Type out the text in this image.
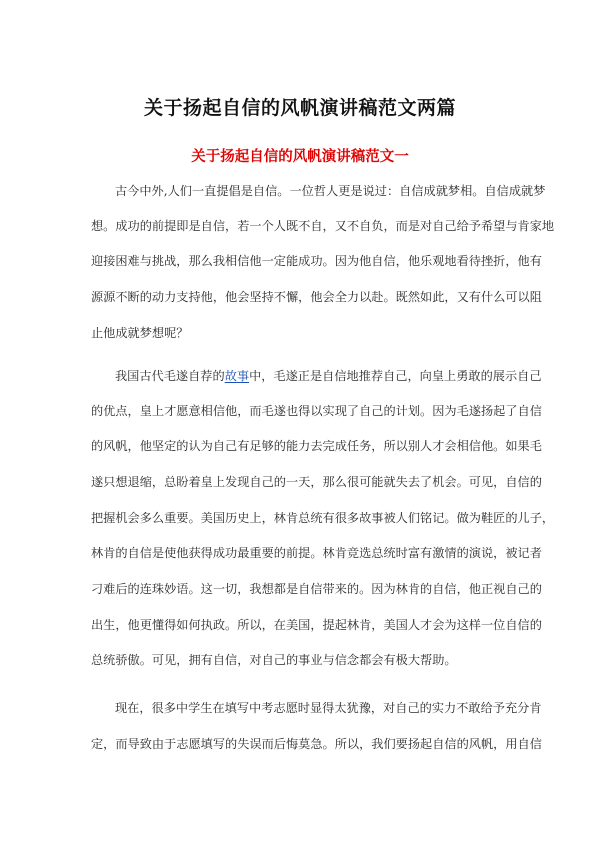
关于扬起自信的风帆演讲稿范文两篇
关于扬起自信的风帆演讲稿范文一
古今中外,人们一直提倡是自信。一位哲人更是说过：自信成就梦相。自信成就梦
想。成功的前提即是自信，若一个人既不自，又不自负，而是对自己给予希望与肯家地
迎接困难与挑战，那么我相信他一定能成功。因为他自信，他乐观地看待挫折，他有
源源不断的动力支持他，他会坚持不懈，他会全力以赴。既然如此，又有什么可以阻
止他成就梦想呢？
我国古代毛遂自荐的故事中，毛遂正是自信地推荐自己，向皇上勇敢的展示自己
的优点，皇上才愿意相信他，而毛遂也得以实现了自己的计划。因为毛遂扬起了自信
的风帆，他坚定的认为自己有足够的能力去完成任务，所以别人才会相信他。如果毛
遂只想退缩，总盼着皇上发现自己的一天，那么很可能就失去了机会。可见，自信的
把握机会多么重要。美国历史上，林肯总统有很多故事被人们铭记。做为鞋匠的儿子，
林肯的自信是使他获得成功最重要的前提。林肯竞选总统时富有激情的演说，被记者
刁难后的连珠妙语。这一切，我想都是自信带来的。因为林肯的自信，他正视自己的
出生，他更懂得如何执政。所以，在美国，提起林肯，美国人才会为这样一位自信的
总统骄傲。可见，拥有自信，对自己的事业与信念都会有极大帮助。
现在，很多中学生在填写中考志愿时显得太犹豫，对自己的实力不敢给予充分肯
定，而导致由于志愿填写的失误而后悔莫急。所以，我们要扬起自信的风帆，用自信
